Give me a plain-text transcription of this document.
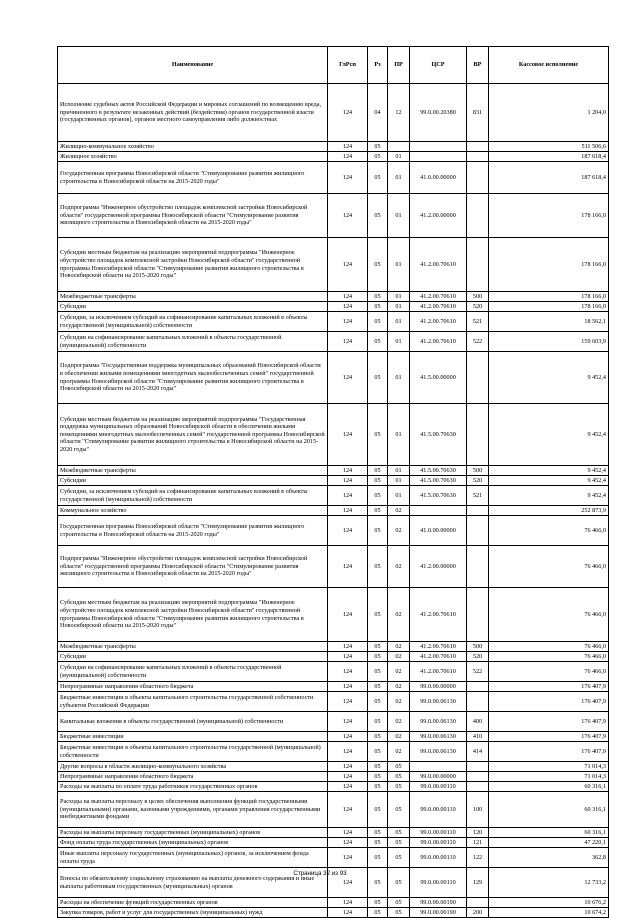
Наименование	ГлРсп	Рз	ПР	ЦСР	ВР	Кассовое исполнение
Исполнение судебных актов Российской Федерации и мировых соглашений по возмещению вреда, причиненного в результате незаконных действий (бездействия) органов государственной власти (государственных органов), органов местного самоуправления либо должностных	124	04	12	99.0.00.20380	831	1 204,0
Жилищно-коммунальное хозяйство	124	05				511 506,6
Жилищное хозяйство	124	05	01			187 618,4
Государственная программа Новосибирской области "Стимулирование развития жилищного строительства в Новосибирской области на 2015-2020 годы"	124	05	01	41.0.00.00000		187 618,4
Подпрограмма "Инженерное обустройство площадок комплексной застройки Новосибирской области" государственной программы Новосибирской области "Стимулирование развития жилищного строительства в Новосибирской области на 2015-2020 годы"	124	05	01	41.2.00.00000		178 166,0
Субсидии местным бюджетам на реализацию мероприятий подпрограммы "Инженерное обустройство площадок комплексной застройки Новосибирской области" государственной программы Новосибирской области "Стимулирование развития жилищного строительства в Новосибирской области на 2015-2020 годы"	124	05	01	41.2.00.70610		178 166,0
Межбюджетные трансферты	124	05	01	41.2.00.70610	500	178 166,0
Субсидии	124	05	01	41.2.00.70610	520	178 166,0
Субсидии, за исключением субсидий на софинансирование капитальных вложений в объекты государственной (муниципальной) собственности	124	05	01	41.2.00.70610	521	18 562,1
Субсидии на софинансирование капитальных вложений в объекты государственной (муниципальной) собственности	124	05	01	41.2.00.70610	522	159 603,9
Подпрограмма "Государственная поддержка муниципальных образований Новосибирской области в обеспечении жилыми помещениями многодетных малообеспеченных семей" государственной программы Новосибирской области "Стимулирование развития жилищного строительства в Новосибирской области на 2015-2020 годы"	124	05	01	41.5.00.00000		9 452,4
Субсидии местным бюджетам на реализацию мероприятий подпрограммы "Государственная поддержка муниципальных образований Новосибирской области в обеспечении жилыми помещениями многодетных малообеспеченных семей" государственной программы Новосибирской области "Стимулирование развития жилищного строительства в Новосибирской области на 2015-2020 годы"	124	05	01	41.5.00.70630		9 452,4
Межбюджетные трансферты	124	05	01	41.5.00.70630	500	9 452,4
Субсидии	124	05	01	41.5.00.70630	520	9 452,4
Субсидии, за исключением субсидий на софинансирование капитальных вложений в объекты государственной (муниципальной) собственности	124	05	01	41.5.00.70630	521	9 452,4
Коммунальное хозяйство	124	05	02			252 873,9
Государственная программа Новосибирской области "Стимулирование развития жилищного строительства в Новосибирской области на 2015-2020 годы"	124	05	02	41.0.00.00000		76 466,0
Подпрограмма "Инженерное обустройство площадок комплексной застройки Новосибирской области" государственной программы Новосибирской области "Стимулирование развития жилищного строительства в Новосибирской области на 2015-2020 годы"	124	05	02	41.2.00.00000		76 466,0
Субсидии местным бюджетам на реализацию мероприятий подпрограммы "Инженерное обустройство площадок комплексной застройки Новосибирской области" государственной программы Новосибирской области "Стимулирование развития жилищного строительства в Новосибирской области на 2015-2020 годы"	124	05	02	41.2.00.70610		76 466,0
Межбюджетные трансферты	124	05	02	41.2.00.70610	500	76 466,0
Субсидии	124	05	02	41.2.00.70610	520	76 466,0
Субсидии на софинансирование капитальных вложений в объекты государственной (муниципальной) собственности	124	05	02	41.2.00.70610	522	76 466,0
Непрограммные направления областного бюджета	124	05	02	99.0.00.00000		176 407,9
Бюджетные инвестиции в объекты капитального строительства государственной собственности субъектов Российской Федерации	124	05	02	99.0.00.06130		176 407,9
Капитальные вложения в объекты государственной (муниципальной) собственности	124	05	02	99.0.00.06130	400	176 407,9
Бюджетные инвестиции	124	05	02	99.0.00.06130	410	176 407,9
Бюджетные инвестиции в объекты капитального строительства государственной (муниципальной) собственности	124	05	02	99.0.00.06130	414	176 407,9
Другие вопросы в области жилищно-коммунального хозяйства	124	05	05			71 014,3
Непрограммные направления областного бюджета	124	05	05	99.0.00.00000		71 014,3
Расходы на выплаты по оплате труда работников государственных органов	124	05	05	99.0.00.00110		60 316,1
Расходы на выплаты персоналу в целях обеспечения выполнения функций государственными (муниципальными) органами, казенными учреждениями, органами управления государственными внебюджетными фондами	124	05	05	99.0.00.00110	100	60 316,1
Расходы на выплаты персоналу государственных (муниципальных) органов	124	05	05	99.0.00.00110	120	60 316,1
Фонд оплаты труда государственных (муниципальных) органов	124	05	05	99.0.00.00110	121	47 220,1
Иные выплаты персоналу государственных (муниципальных) органов, за исключением фонда оплаты труда	124	05	05	99.0.00.00110	122	362,8
Взносы по обязательному социальному страхованию на выплаты денежного содержания и иные выплаты работникам государственных (муниципальных) органов	124	05	05	99.0.00.00110	129	12 733,2
Расходы на обеспечение функций государственных органов	124	05	05	99.0.00.00190		10 676,2
Закупка товаров, работ и услуг для государственных (муниципальных) нужд	124	05	05	99.0.00.00190	200	10 674,2
Страница 32 из 93
